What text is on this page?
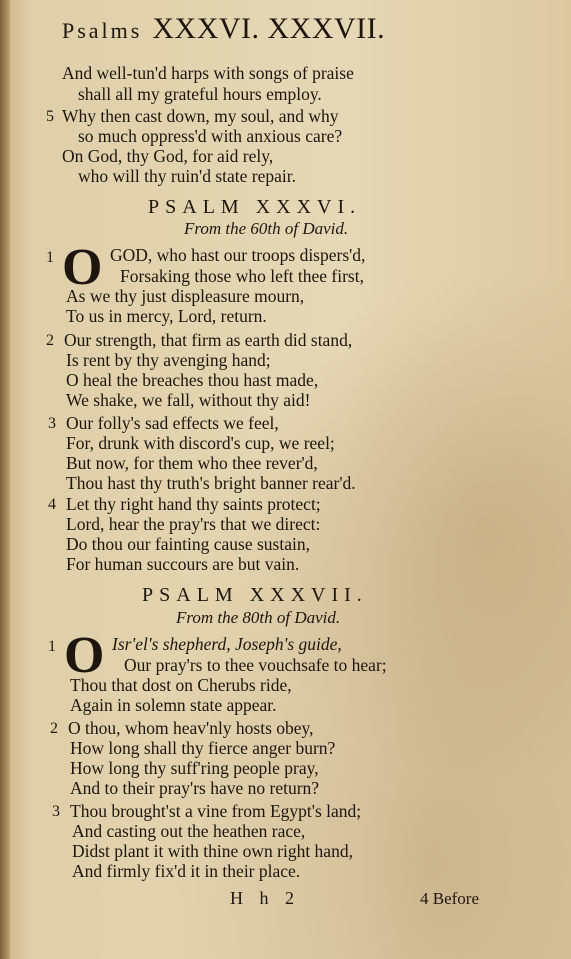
Psalms XXXVI. XXXVII.
And well-tun'd harps with songs of praise
shall all my grateful hours employ.
5 Why then cast down, my soul, and why
so much oppress'd with anxious care?
On God, thy God, for aid rely,
who will thy ruin'd state repair.
PSALM XXXVI.
From the 60th of David.
1 O GOD, who hast our troops dispers'd,
Forsaking those who left thee first,
As we thy just displeasure mourn,
To us in mercy, Lord, return.
2 Our strength, that firm as earth did stand,
Is rent by thy avenging hand;
O heal the breaches thou hast made,
We shake, we fall, without thy aid!
3 Our folly's sad effects we feel,
For, drunk with discord's cup, we reel;
But now, for them who thee rever'd,
Thou hast thy truth's bright banner rear'd.
4 Let thy right hand thy saints protect;
Lord, hear the pray'rs that we direct:
Do thou our fainting cause sustain,
For human succours are but vain.
PSALM XXXVII.
From the 80th of David.
1 O Isr'el's shepherd, Joseph's guide,
Our pray'rs to thee vouchsafe to hear;
Thou that dost on Cherubs ride,
Again in solemn state appear.
2 O thou, whom heav'nly hosts obey,
How long shall thy fierce anger burn?
How long thy suff'ring people pray,
And to their pray'rs have no return?
3 Thou brought'st a vine from Egypt's land;
And casting out the heathen race,
Didst plant it with thine own right hand,
And firmly fix'd it in their place.
H h 2	4 Before
